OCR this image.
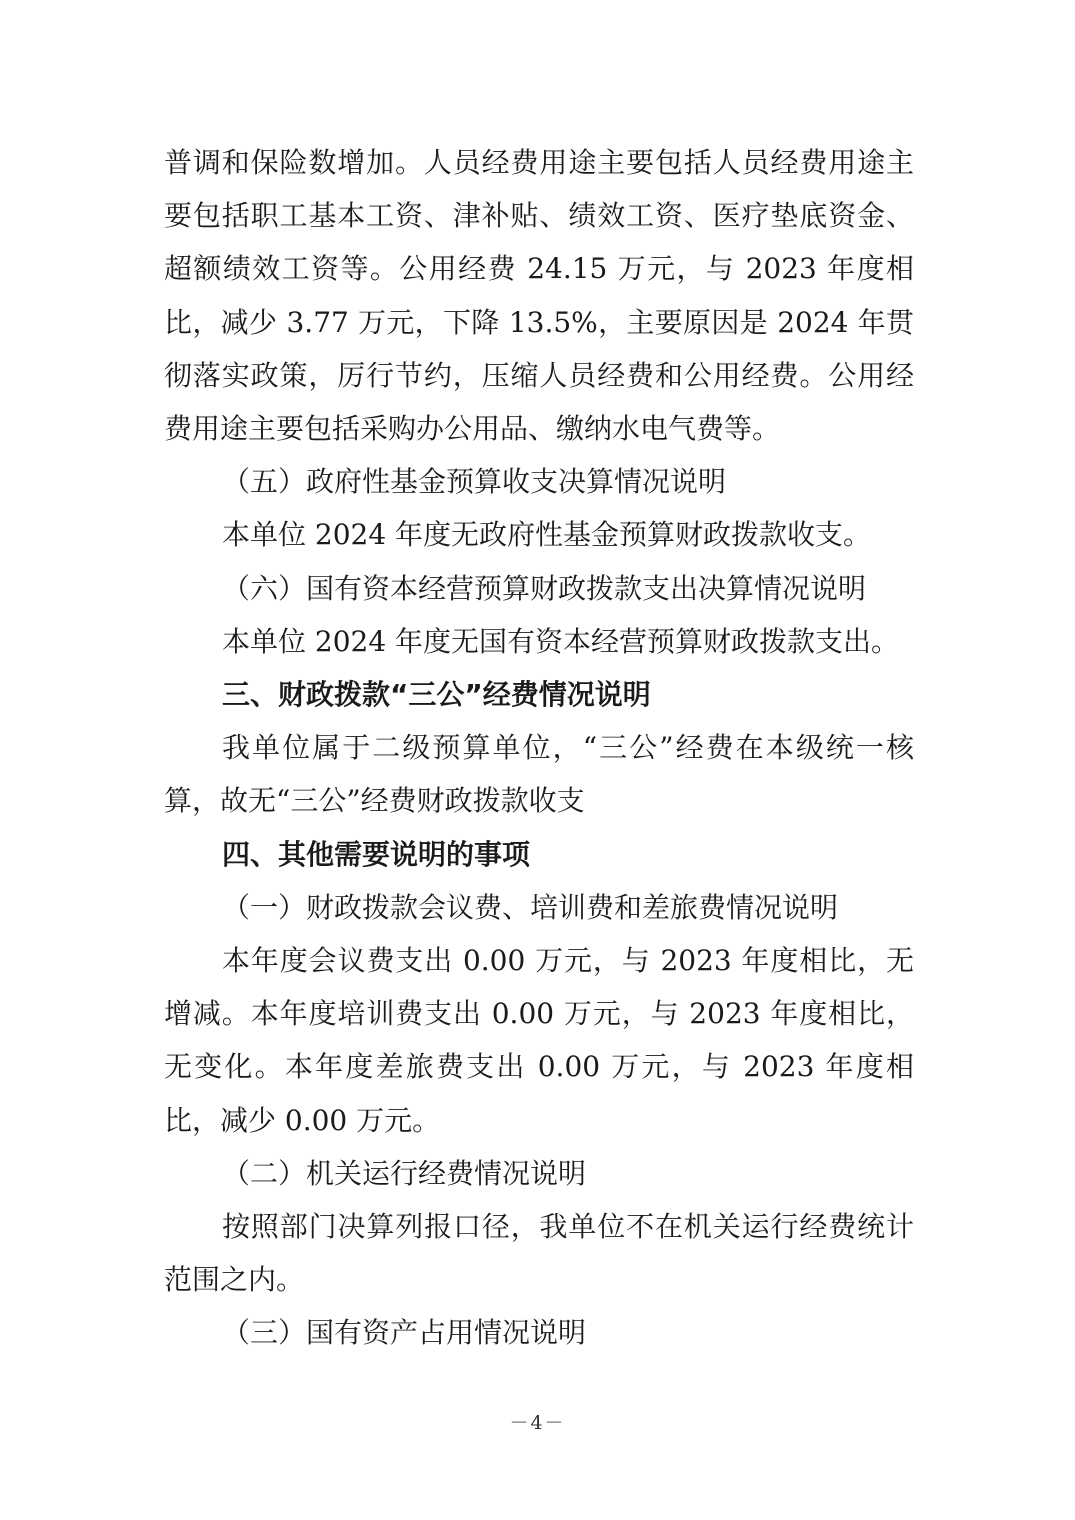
普调和保险数增加。人员经费用途主要包括人员经费用途主要包括职工基本工资、津补贴、绩效工资、医疗垫底资金、超额绩效工资等。公用经费 24.15 万元，与 2023 年度相比，减少 3.77 万元，下降 13.5%，主要原因是 2024 年贯彻落实政策，厉行节约，压缩人员经费和公用经费。公用经费用途主要包括采购办公用品、缴纳水电气费等。

（五）政府性基金预算收支决算情况说明

本单位 2024 年度无政府性基金预算财政拨款收支。

（六）国有资本经营预算财政拨款支出决算情况说明

本单位 2024 年度无国有资本经营预算财政拨款支出。

三、财政拨款“三公”经费情况说明

我单位属于二级预算单位，“三公”经费在本级统一核算，故无“三公”经费财政拨款收支

四、其他需要说明的事项

（一）财政拨款会议费、培训费和差旅费情况说明

本年度会议费支出 0.00 万元，与 2023 年度相比，无增减。本年度培训费支出 0.00 万元，与 2023 年度相比，无变化。本年度差旅费支出 0.00 万元，与 2023 年度相比，减少 0.00 万元。

（二）机关运行经费情况说明

按照部门决算列报口径，我单位不在机关运行经费统计范围之内。

（三）国有资产占用情况说明

－4－
